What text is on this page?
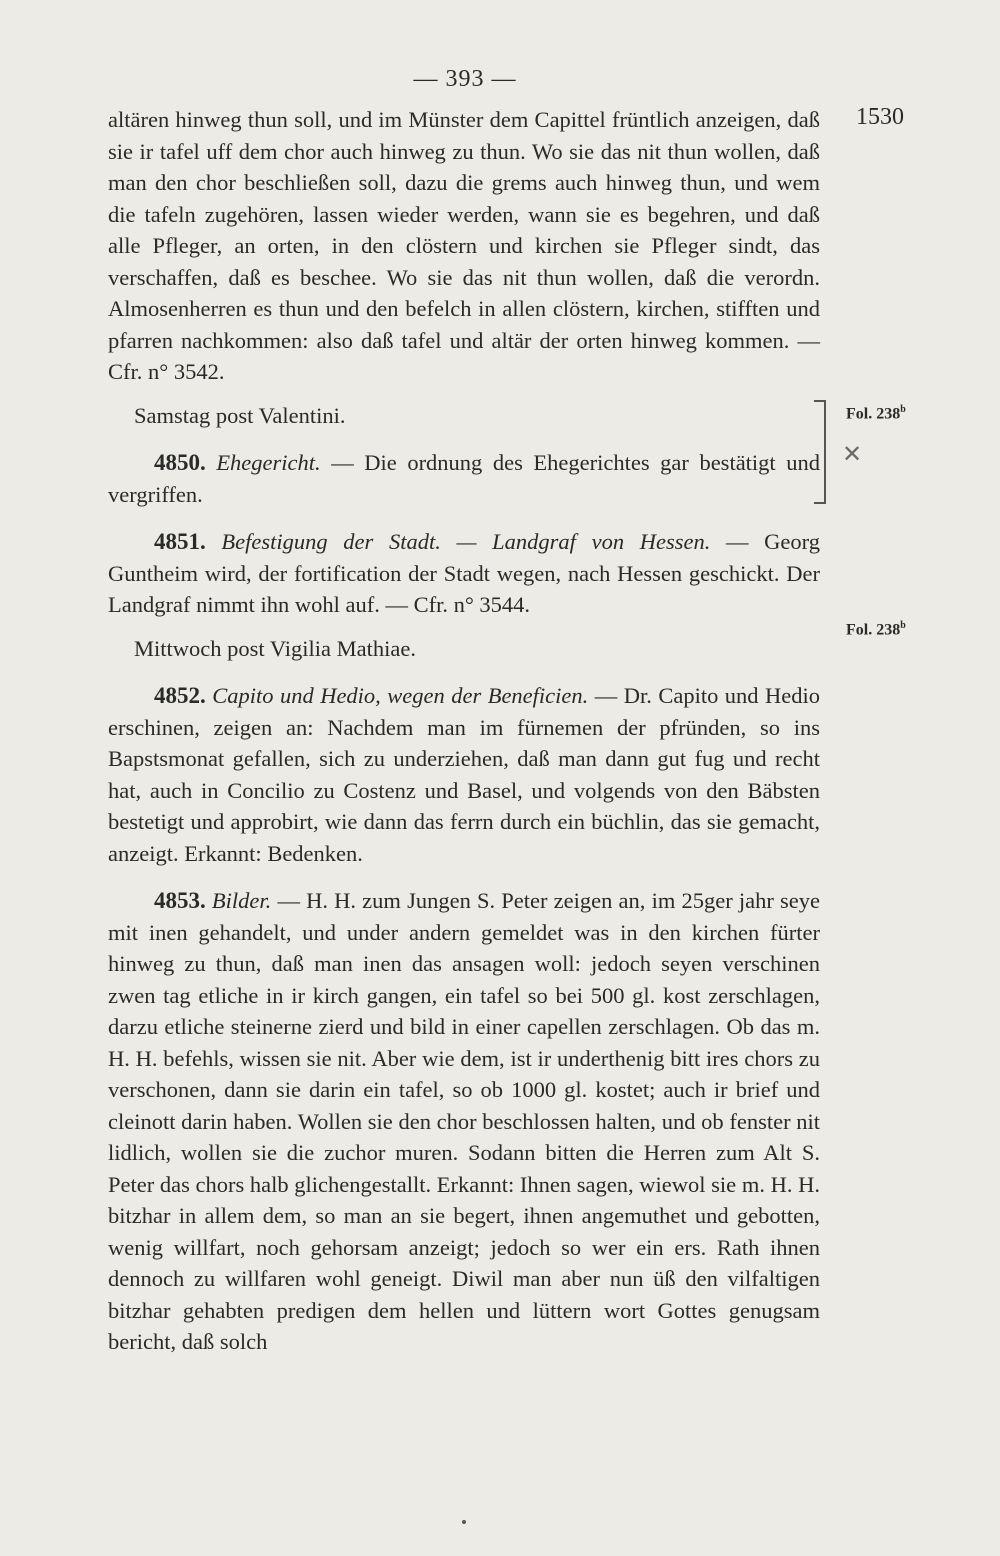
— 393 —
1530
Fol. 238$^b$
✕
Fol. 238$^b$

altären hinweg thun soll, und im Münster dem Capittel früntlich anzeigen, daß sie ir tafel uff dem chor auch hinweg zu thun. Wo sie das nit thun wollen, daß man den chor beschließen soll, dazu die grems auch hinweg thun, und wem die tafeln zugehören, lassen wieder werden, wann sie es begehren, und daß alle Pfleger, an orten, in den clöstern und kirchen sie Pfleger sindt, das verschaffen, daß es beschee. Wo sie das nit thun wollen, daß die verordn. Almosenherren es thun und den befelch in allen clöstern, kirchen, stifften und pfarren nachkommen: also daß tafel und altär der orten hinweg kommen. — Cfr. n° 3542.

Samstag post Valentini.

4850. Ehegericht. — Die ordnung des Ehegerichtes gar bestätigt und vergriffen.

4851. Befestigung der Stadt. — Landgraf von Hessen. — Georg Guntheim wird, der fortification der Stadt wegen, nach Hessen geschickt. Der Landgraf nimmt ihn wohl auf. — Cfr. n° 3544.

Mittwoch post Vigilia Mathiae.

4852. Capito und Hedio, wegen der Beneficien. — Dr. Capito und Hedio erschinen, zeigen an: Nachdem man im fürnemen der pfründen, so ins Bapstsmonat gefallen, sich zu underziehen, daß man dann gut fug und recht hat, auch in Concilio zu Costenz und Basel, und volgends von den Bäbsten bestetigt und approbirt, wie dann das ferrn durch ein büchlin, das sie gemacht, anzeigt. Erkannt: Bedenken.

4853. Bilder. — H. H. zum Jungen S. Peter zeigen an, im 25ger jahr seye mit inen gehandelt, und under andern gemeldet was in den kirchen fürter hinweg zu thun, daß man inen das ansagen woll: jedoch seyen verschinen zwen tag etliche in ir kirch gangen, ein tafel so bei 500 gl. kost zerschlagen, darzu etliche steinerne zierd und bild in einer capellen zerschlagen. Ob das m. H. H. befehls, wissen sie nit. Aber wie dem, ist ir underthenig bitt ires chors zu verschonen, dann sie darin ein tafel, so ob 1000 gl. kostet; auch ir brief und cleinott darin haben. Wollen sie den chor beschlossen halten, und ob fenster nit lidlich, wollen sie die zuchor muren. Sodann bitten die Herren zum Alt S. Peter das chors halb glichengestallt. Erkannt: Ihnen sagen, wiewol sie m. H. H. bitzhar in allem dem, so man an sie begert, ihnen angemuthet und gebotten, wenig willfart, noch gehorsam anzeigt; jedoch so wer ein ers. Rath ihnen dennoch zu willfaren wohl geneigt. Diwil man aber nun üß den vilfaltigen bitzhar gehabten predigen dem hellen und lüttern wort Gottes genugsam bericht, daß solch
